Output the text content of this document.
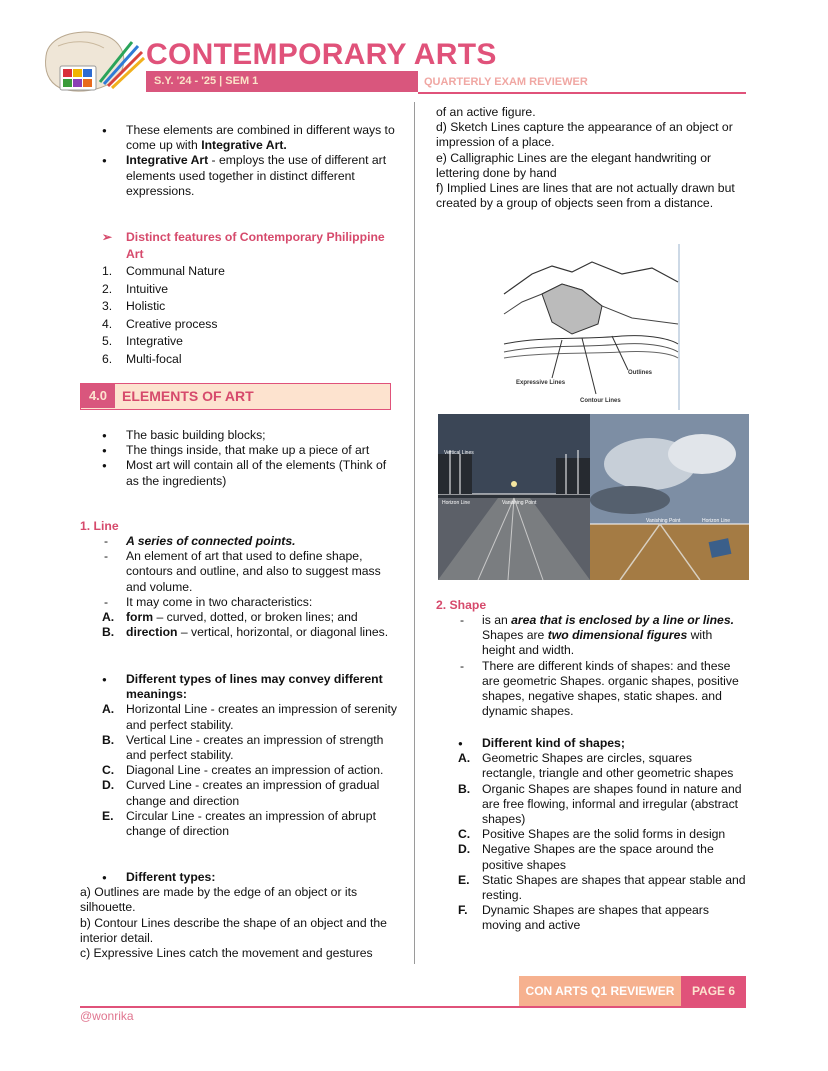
CONTEMPORARY ARTS
S.Y. '24 - '25 | SEM 1	QUARTERLY EXAM REVIEWER
● These elements are combined in different ways to come up with Integrative Art.
● Integrative Art - employs the use of different art elements used together in distinct different expressions.
➢ Distinct features of Contemporary Philippine Art
1. Communal Nature
2. Intuitive
3. Holistic
4. Creative process
5. Integrative
6. Multi-focal
4.0	ELEMENTS OF ART
● The basic building blocks;
● The things inside, that make up a piece of art
● Most art will contain all of the elements (Think of as the ingredients)
1. Line
- A series of connected points.
- An element of art that used to define shape, contours and outline, and also to suggest mass and volume.
- It may come in two characteristics:
A. form – curved, dotted, or broken lines; and
B. direction – vertical, horizontal, or diagonal lines.
● Different types of lines may convey different meanings:
A. Horizontal Line - creates an impression of serenity and perfect stability.
B. Vertical Line - creates an impression of strength and perfect stability.
C. Diagonal Line - creates an impression of action.
D. Curved Line - creates an impression of gradual change and direction
E. Circular Line - creates an impression of abrupt change of direction
● Different types:
a) Outlines are made by the edge of an object or its silhouette.
b) Contour Lines describe the shape of an object and the interior detail.
c) Expressive Lines catch the movement and gestures
of an active figure.
d) Sketch Lines capture the appearance of an object or impression of a place.
e) Calligraphic Lines are the elegant handwriting or lettering done by hand
f) Implied Lines are lines that are not actually drawn but created by a group of objects seen from a distance.
Outlines
Expressive Lines
Contour Lines
Vertical Lines
Horizon Line	Vanishing Point
Vanishing Point	Horizon Line
2. Shape
- is an area that is enclosed by a line or lines. Shapes are two dimensional figures with height and width.
- There are different kinds of shapes: and these are geometric Shapes. organic shapes, positive shapes, negative shapes, static shapes. and dynamic shapes.
● Different kind of shapes;
A. Geometric Shapes are circles, squares rectangle, triangle and other geometric shapes
B. Organic Shapes are shapes found in nature and are free flowing, informal and irregular (abstract shapes)
C. Positive Shapes are the solid forms in design
D. Negative Shapes are the space around the positive shapes
E. Static Shapes are shapes that appear stable and resting.
F. Dynamic Shapes are shapes that appears moving and active
CON ARTS Q1 REVIEWER	PAGE 6
@wonrika
